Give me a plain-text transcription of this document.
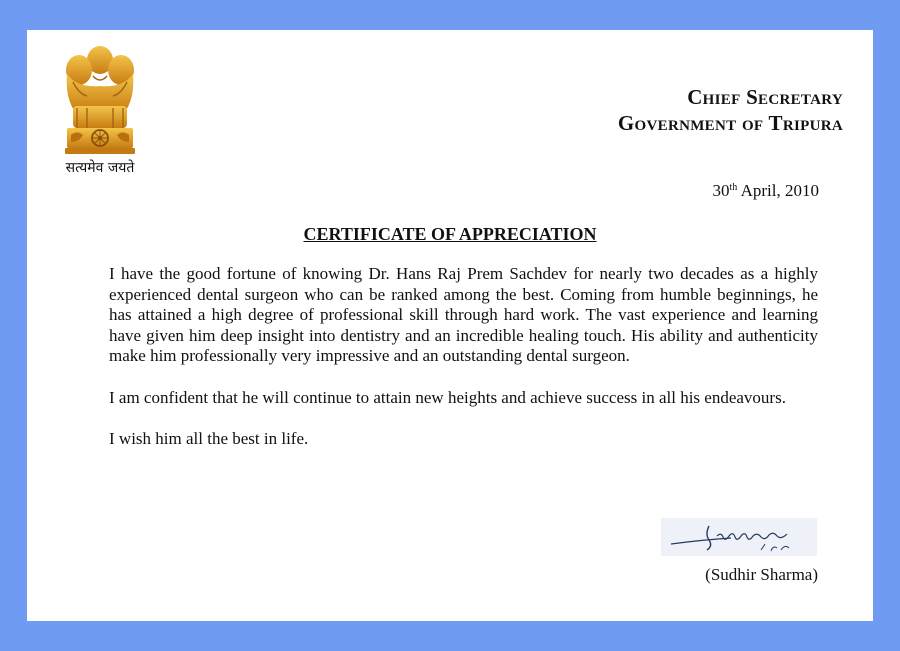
सत्यमेव जयते
Chief Secretary
Government of Tripura
30th April, 2010
CERTIFICATE OF APPRECIATION

I have the good fortune of knowing Dr. Hans Raj Prem Sachdev for nearly two decades as a highly experienced dental surgeon who can be ranked among the best. Coming from humble beginnings, he has attained a high degree of professional skill through hard work. The vast experience and learning have given him deep insight into dentistry and an incredible healing touch. His ability and authenticity make him professionally very impressive and an outstanding dental surgeon.

I am confident that he will continue to attain new heights and achieve success in all his endeavours.

I wish him all the best in life.

(Sudhir Sharma)
